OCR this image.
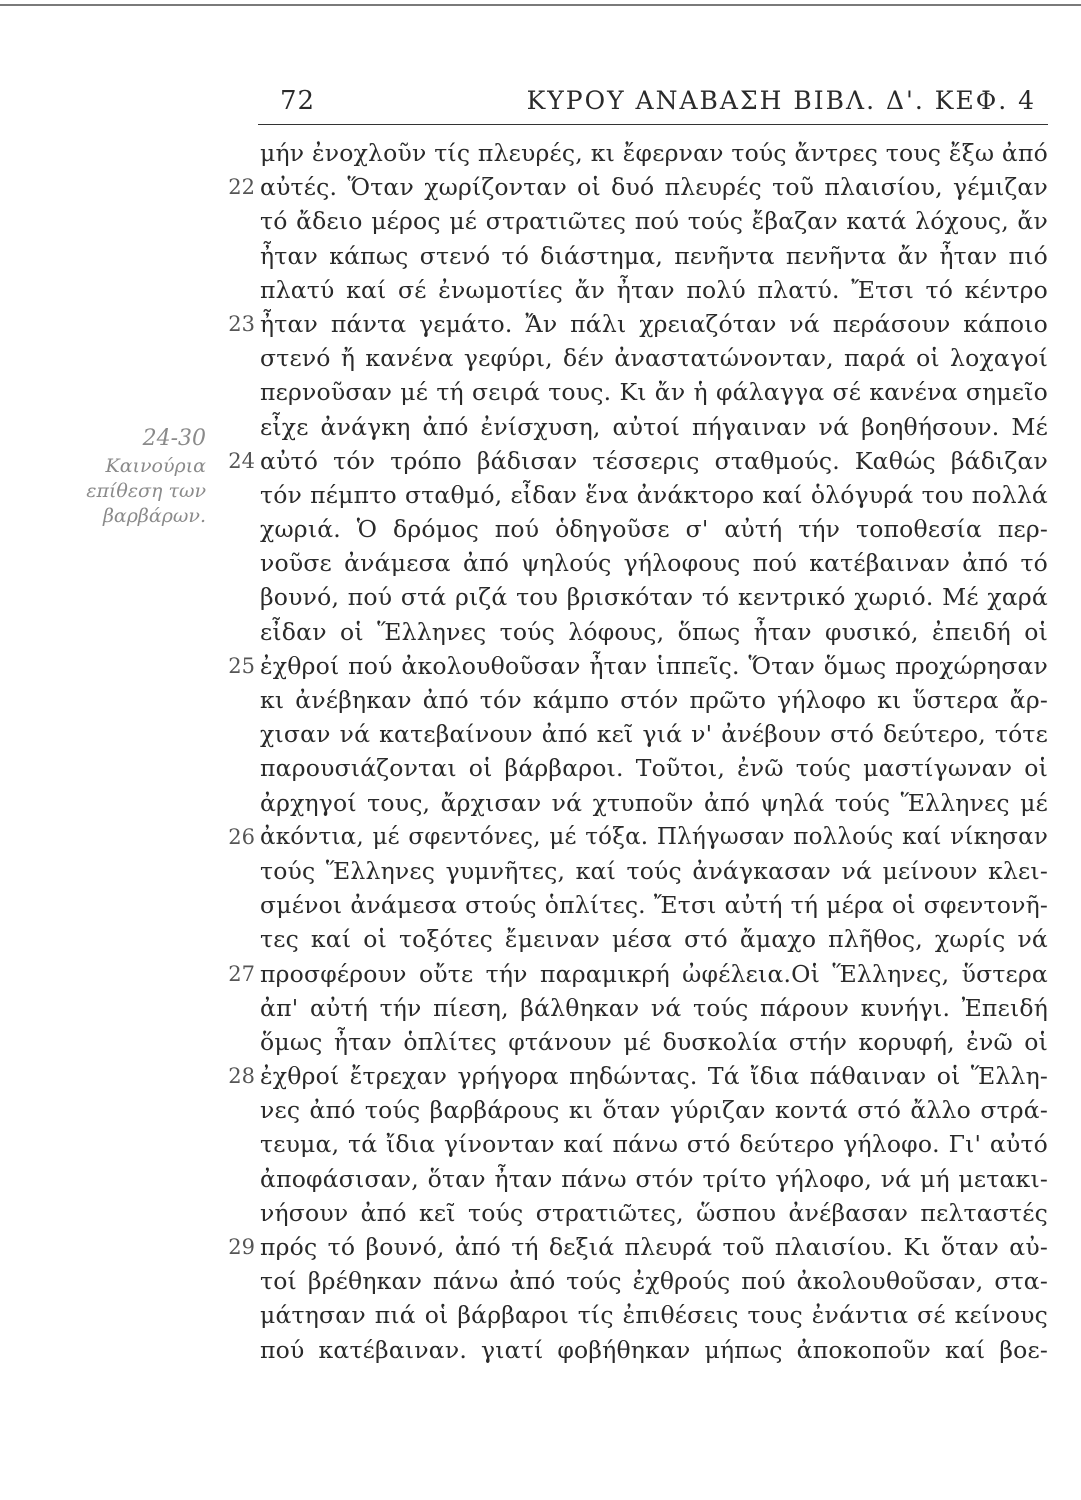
72	ΚΥΡΟΥ ΑΝΑΒΑΣΗ ΒΙΒΛ. Δ'. ΚΕΦ. 4
24-30
Καινούρια
επίθεση των
βαρβάρων.
22
23
24
25
26
27
28
29
μήν ἐνοχλοῦν τίς πλευρές, κι ἔφερναν τούς ἄντρες τους ἔξω ἀπό
αὐτές. Ὅταν χωρίζονταν οἱ δυό πλευρές τοῦ πλαισίου, γέμιζαν
τό ἄδειο μέρος μέ στρατιῶτες πού τούς ἔβαζαν κατά λόχους, ἄν
ἦταν κάπως στενό τό διάστημα, πενῆντα πενῆντα ἄν ἦταν πιό
πλατύ καί σέ ἐνωμοτίες ἄν ἦταν πολύ πλατύ. Ἔτσι τό κέντρο
ἦταν πάντα γεμάτο. Ἄν πάλι χρειαζόταν νά περάσουν κάποιο
στενό ἤ κανένα γεφύρι, δέν ἀναστατώνονταν, παρά οἱ λοχαγοί
περνοῦσαν μέ τή σειρά τους. Κι ἄν ἡ φάλαγγα σέ κανένα σημεῖο
εἶχε ἀνάγκη ἀπό ἐνίσχυση, αὐτοί πήγαιναν νά βοηθήσουν. Μέ
αὐτό τόν τρόπο βάδισαν τέσσερις σταθμούς. Καθώς βάδιζαν
τόν πέμπτο σταθμό, εἶδαν ἕνα ἀνάκτορο καί ὁλόγυρά του πολλά
χωριά. Ὁ δρόμος πού ὁδηγοῦσε σ' αὐτή τήν τοποθεσία περ-
νοῦσε ἀνάμεσα ἀπό ψηλούς γήλοφους πού κατέβαιναν ἀπό τό
βουνό, πού στά ριζά του βρισκόταν τό κεντρικό χωριό. Μέ χαρά
εἶδαν οἱ Ἕλληνες τούς λόφους, ὅπως ἦταν φυσικό, ἐπειδή οἱ
ἐχθροί πού ἀκολουθοῦσαν ἦταν ἱππεῖς. Ὅταν ὅμως προχώρησαν
κι ἀνέβηκαν ἀπό τόν κάμπο στόν πρῶτο γήλοφο κι ὕστερα ἄρ-
χισαν νά κατεβαίνουν ἀπό κεῖ γιά ν' ἀνέβουν στό δεύτερο, τότε
παρουσιάζονται οἱ βάρβαροι. Τοῦτοι, ἐνῶ τούς μαστίγωναν οἱ
ἀρχηγοί τους, ἄρχισαν νά χτυποῦν ἀπό ψηλά τούς Ἕλληνες μέ
ἀκόντια, μέ σφεντόνες, μέ τόξα. Πλήγωσαν πολλούς καί νίκησαν
τούς Ἕλληνες γυμνῆτες, καί τούς ἀνάγκασαν νά μείνουν κλει-
σμένοι ἀνάμεσα στούς ὁπλίτες. Ἔτσι αὐτή τή μέρα οἱ σφεντονῆ-
τες καί οἱ τοξότες ἔμειναν μέσα στό ἄμαχο πλῆθος, χωρίς νά
προσφέρουν οὔτε τήν παραμικρή ὠφέλεια.Οἱ Ἕλληνες, ὕστερα
ἀπ' αὐτή τήν πίεση, βάλθηκαν νά τούς πάρουν κυνήγι. Ἐπειδή
ὅμως ἦταν ὁπλίτες φτάνουν μέ δυσκολία στήν κορυφή, ἐνῶ οἱ
ἐχθροί ἔτρεχαν γρήγορα πηδώντας. Τά ἴδια πάθαιναν οἱ Ἕλλη-
νες ἀπό τούς βαρβάρους κι ὅταν γύριζαν κοντά στό ἄλλο στρά-
τευμα, τά ἴδια γίνονταν καί πάνω στό δεύτερο γήλοφο. Γι' αὐτό
ἀποφάσισαν, ὅταν ἦταν πάνω στόν τρίτο γήλοφο, νά μή μετακι-
νήσουν ἀπό κεῖ τούς στρατιῶτες, ὥσπου ἀνέβασαν πελταστές
πρός τό βουνό, ἀπό τή δεξιά πλευρά τοῦ πλαισίου. Κι ὅταν αὐ-
τοί βρέθηκαν πάνω ἀπό τούς ἐχθρούς πού ἀκολουθοῦσαν, στα-
μάτησαν πιά οἱ βάρβαροι τίς ἐπιθέσεις τους ἐνάντια σέ κείνους
πού κατέβαιναν. γιατί φοβήθηκαν μήπως ἀποκοποῦν καί βοε-
